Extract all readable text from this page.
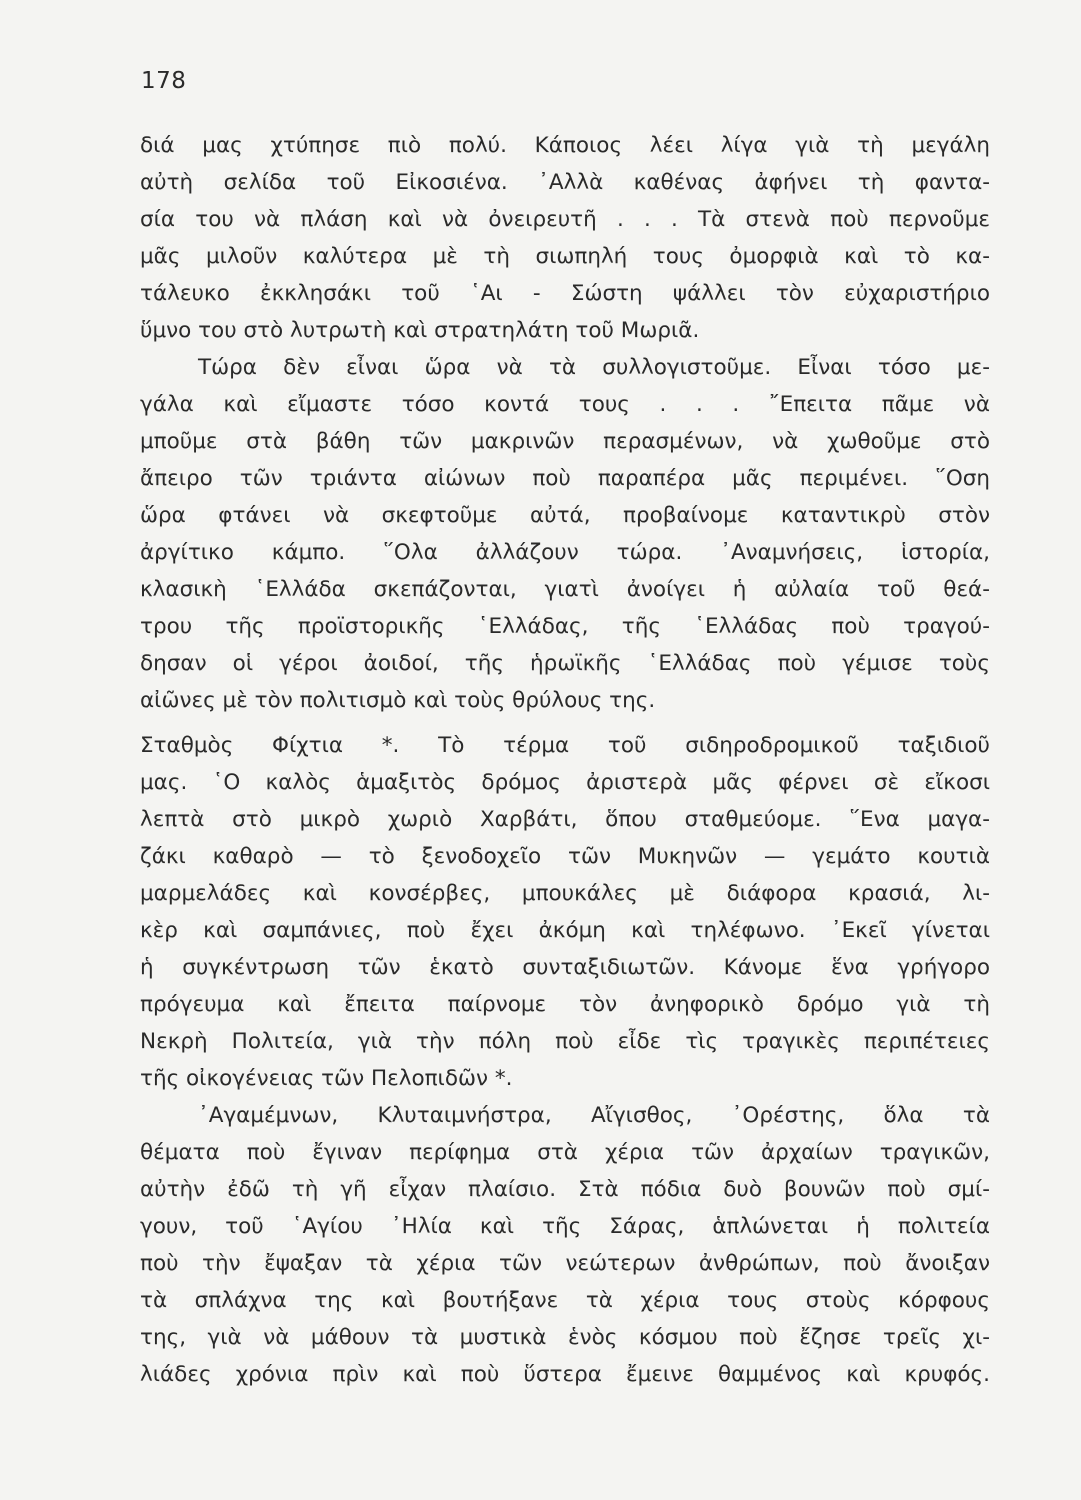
178
διά μας χτύπησε πιὸ πολύ. Κάποιος λέει λίγα γιὰ τὴ μεγάλη
αὐτὴ σελίδα τοῦ Εἰκοσιένα. ᾿Αλλὰ καθένας ἀφήνει τὴ φαντα-
σία του νὰ πλάση καὶ νὰ ὀνειρευτῆ . . . Τὰ στενὰ ποὺ περνοῦμε
μᾶς μιλοῦν καλύτερα μὲ τὴ σιωπηλή τους ὀμορφιὰ καὶ τὸ κα-
τάλευκο ἐκκλησάκι τοῦ ῾Αι - Σώστη ψάλλει τὸν εὐχαριστήριο
ὕμνο του στὸ λυτρωτὴ καὶ στρατηλάτη τοῦ Μωριᾶ.
Τώρα δὲν εἶναι ὥρα νὰ τὰ συλλογιστοῦμε. Εἶναι τόσο με-
γάλα καὶ εἴμαστε τόσο κοντά τους . . . ῎Επειτα πᾶμε νὰ
μποῦμε στὰ βάθη τῶν μακρινῶν περασμένων, νὰ χωθοῦμε στὸ
ἄπειρο τῶν τριάντα αἰώνων ποὺ παραπέρα μᾶς περιμένει. ῞Οση
ὥρα φτάνει νὰ σκεφτοῦμε αὐτά, προβαίνομε καταντικρὺ στὸν
ἀργίτικο κάμπο. ῞Ολα ἀλλάζουν τώρα. ᾿Αναμνήσεις, ἱστορία,
κλασικὴ ῾Ελλάδα σκεπάζονται, γιατὶ ἀνοίγει ἡ αὐλαία τοῦ θεά-
τρου τῆς προϊστορικῆς ῾Ελλάδας, τῆς ῾Ελλάδας ποὺ τραγού-
δησαν οἱ γέροι ἀοιδοί, τῆς ἡρωϊκῆς ῾Ελλάδας ποὺ γέμισε τοὺς
αἰῶνες μὲ τὸν πολιτισμὸ καὶ τοὺς θρύλους της.
Σταθμὸς Φίχτια *. Τὸ τέρμα τοῦ σιδηροδρομικοῦ ταξιδιοῦ
μας. ῾Ο καλὸς ἁμαξιτὸς δρόμος ἀριστερὰ μᾶς φέρνει σὲ εἴκοσι
λεπτὰ στὸ μικρὸ χωριὸ Χαρβάτι, ὅπου σταθμεύομε. ῞Ενα μαγα-
ζάκι καθαρὸ — τὸ ξενοδοχεῖο τῶν Μυκηνῶν — γεμάτο κουτιὰ
μαρμελάδες καὶ κονσέρβες, μπουκάλες μὲ διάφορα κρασιά, λι-
κὲρ καὶ σαμπάνιες, ποὺ ἔχει ἀκόμη καὶ τηλέφωνο. ᾿Εκεῖ γίνεται
ἡ συγκέντρωση τῶν ἑκατὸ συνταξιδιωτῶν. Κάνομε ἕνα γρήγορο
πρόγευμα καὶ ἔπειτα παίρνομε τὸν ἀνηφορικὸ δρόμο γιὰ τὴ
Νεκρὴ Πολιτεία, γιὰ τὴν πόλη ποὺ εἶδε τὶς τραγικὲς περιπέτειες
τῆς οἰκογένειας τῶν Πελοπιδῶν *.
᾿Αγαμέμνων, Κλυταιμνήστρα, Αἴγισθος, ᾿Ορέστης, ὅλα τὰ
θέματα ποὺ ἔγιναν περίφημα στὰ χέρια τῶν ἀρχαίων τραγικῶν,
αὐτὴν ἐδῶ τὴ γῆ εἶχαν πλαίσιο. Στὰ πόδια δυὸ βουνῶν ποὺ σμί-
γουν, τοῦ ῾Αγίου ᾿Ηλία καὶ τῆς Σάρας, ἁπλώνεται ἡ πολιτεία
ποὺ τὴν ἔψαξαν τὰ χέρια τῶν νεώτερων ἀνθρώπων, ποὺ ἄνοιξαν
τὰ σπλάχνα της καὶ βουτήξανε τὰ χέρια τους στοὺς κόρφους
της, γιὰ νὰ μάθουν τὰ μυστικὰ ἑνὸς κόσμου ποὺ ἔζησε τρεῖς χι-
λιάδες χρόνια πρὶν καὶ ποὺ ὕστερα ἔμεινε θαμμένος καὶ κρυφός.
